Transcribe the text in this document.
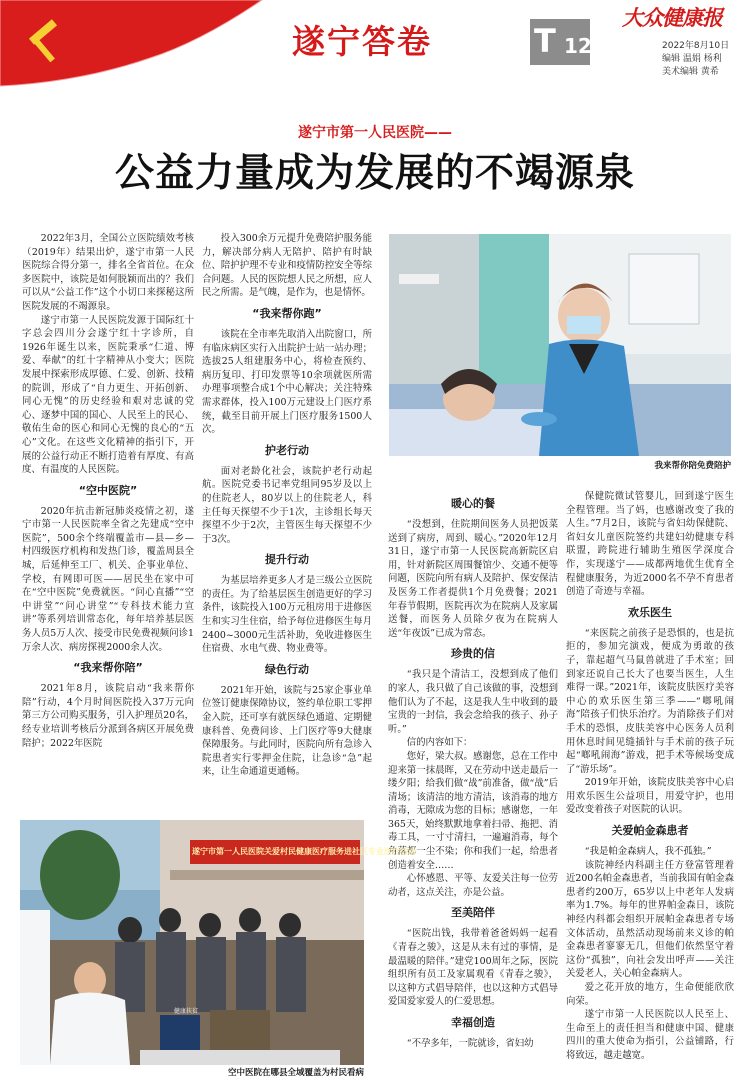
遂宁答卷	T 12
大众健康报
2022年8月10日
编辑 温娟 杨利
美术编辑 黄希
遂宁市第一人民医院——
公益力量成为发展的不竭源泉

2022年3月，全国公立医院绩效考核（2019年）结果出炉，遂宁市第一人民医院综合得分第一，排名全省首位。在众多医院中，该院是如何脱颖而出的？我们可以从“公益工作”这个小切口来探秘这所医院发展的不竭源泉。

遂宁市第一人民医院发源于国际红十字总会四川分会遂宁红十字诊所，自1926年诞生以来，医院秉承“仁道、博爱、奉献”的红十字精神从小变大；医院发展中探索形成厚德、仁爱、创新、技精的院训，形成了“自力更生、开拓创新、同心无愧”的历史经验和艰对忠诚的党心、逐梦中国的国心、人民至上的民心、敬佑生命的医心和同心无愧的良心的“五心”文化。在这些文化精神的指引下，开展的公益行动正不断打造着有厚度、有高度、有温度的人民医院。

“空中医院”

2020年抗击新冠肺炎疫情之初，遂宁市第一人民医院率全省之先建成“空中医院”，500余个终端覆盖市—县—乡—村四级医疗机构和发热门诊，覆盖周县全城，后延伸至工厂、机关、企事业单位、学校，有网即可医——居民坐在家中可在“空中医院”免费就医。“问心直播”“空中讲堂”“问心讲堂”“专科技术能力宣讲”等系列培训常态化，每年培养基层医务人员5万人次、接受市民免费视频问诊1万余人次、病房探视2000余人次。

“我来帮你陪”

2021年8月，该院启动“我来帮你陪”行动，4个月时间医院投入37万元向第三方公司购买服务，引入护理员20名，经专业培训考核后分派到各病区开展免费陪护；2022年医院

投入300余万元提升免费陪护服务能力，解决部分病人无陪护、陪护有时缺位、陪护护理不专业和疫情防控安全等综合问题。人民的医院想人民之所想，应人民之所需。是气魄，是作为，也是情怀。

“我来帮你跑”

该院在全市率先取消入出院窗口，所有临床病区实行入出院护士站一站办理；选拔25人组建服务中心，将检查预约、病历复印、打印发票等10余项就医所需办理事项整合成1个中心解决；关注特殊需求群体，投入100万元建设上门医疗系统，截至目前开展上门医疗服务1500人次。

护老行动

面对老龄化社会，该院护老行动起航。医院党委书记率党组同95岁及以上的住院老人，80岁以上的住院老人，科主任每天探望不少于1次，主诊组长每天探望不少于2次，主管医生每天探望不少于3次。

提升行动

为基层培养更多人才是三级公立医院的责任。为了给基层医生创造更好的学习条件，该院投入100万元租房用于进修医生和实习生住宿，给予每位进修医生每月2400~3000元生活补助，免收进修医生住宿费、水电气费、物业费等。

绿色行动

2021年开始，该院与25家企事业单位签订健康保障协议，签约单位职工零押金入院，还可享有就医绿色通道、定期健康科普、免费问诊、上门医疗等9大健康保障服务。与此同时，医院向所有急诊入院患者实行零押金住院，让急诊“急”起来，让生命通道更通畅。

我来帮你陪免费陪护
暖心的餐

“没想到，住院期间医务人员把饭菜送到了病房，周到、暖心。”2020年12月31日，遂宁市第一人民医院高新院区启用，针对新院区周围餐馆少、交通不便等问题，医院向所有病人及陪护、保安保洁及医务工作者提供1个月免费餐；2021年春节假期，医院再次为在院病人及家属送餐，而医务人员除夕夜为在院病人送“年夜饭”已成为常态。

珍贵的信

“我只是个清洁工，没想到成了他们的家人，我只做了自己该做的事，没想到他们认为了不起，这是我人生中收到的最宝贵的一封信，我会念给我的孩子、孙子听。”

信的内容如下：

您好，梁大叔。感谢您，总在工作中迎来第一抹晨晖，又在劳动中送走最后一缕夕阳；给我们做“战”前准备，做“战”后清场；该清洁的地方清洁，该消毒的地方消毒，无隙成为您的目标；感谢您，一年365天，始终默默地拿着扫帚、拖把、消毒工具，一寸寸清扫，一遍遍消毒，每个角落都一尘不染；你和我们一起，给患者创造着安全……

心怀感恩、平等、友爱关注每一位劳动者，这点关注，亦是公益。

至美陪伴

“医院出钱，我带着爸爸妈妈一起看《青春之骏》，这是从未有过的事情，是最温暖的陪伴。”建党100周年之际，医院组织所有员工及家属观看《青春之骏》，以这种方式倡导陪伴，也以这种方式倡导爱国爱家爱人的仁爱思想。

幸福创造

“不孕多年，一院就诊，省妇幼

保健院微试管婴儿，回到遂宁医生全程管理。当了妈，也感谢改变了我的人生。”7月2日，该院与省妇幼保健院、省妇女儿童医院签约共建妇幼健康专科联盟，跨院进行辅助生殖医学深度合作，实现遂宁——成都两地优生优育全程健康服务，为近2000名不孕不育患者创造了奇迹与幸福。

欢乐医生

“来医院之前孩子是恐惧的，也是抗拒的，参加完演戏，便成为勇敢的孩子，靠起超气马鼠兽就进了手术室；回到家还说自己长大了也要当医生，人生难得一课。”2021年，该院皮肤医疗美容中心的欢乐医生第三季——“啷吼闹海”陪孩子们快乐治疗。为消除孩子们对手术的恐惧，皮肤美容中心医务人员利用休息时间见缝插针与手术前的孩子玩起“啷吼闹海”游戏，把手术等候场变成了“游乐场”。

2019年开始，该院皮肤美容中心启用欢乐医生公益项目，用爱守护，也用爱改变着孩子对医院的认识。

关爱帕金森患者

“我是帕金森病人，我不孤独。”

该院神经内科副主任方登富管理着近200名帕金森患者，当前我国有帕金森患者约200万，65岁以上中老年人发病率为1.7%。每年的世界帕金森日，该院神经内科都会组织开展帕金森患者专场文体活动，虽然活动现场前来义诊的帕金森患者寥寥无几，但他们依然坚守着这份“孤独”，向社会发出呼声——关注关爱老人，关心帕金森病人。

爱之花开放的地方，生命便能欣欣向荣。

遂宁市第一人民医院以人民至上、生命至上的责任担当和健康中国、健康四川的重大使命为指引，公益铺路，行将致远，越走越宽。

遂宁市第一人民医院关爱村民健康医疗服务进社区专业医疗活动
健康扶贫
空中医院在哪县全域覆盖为村民看病
